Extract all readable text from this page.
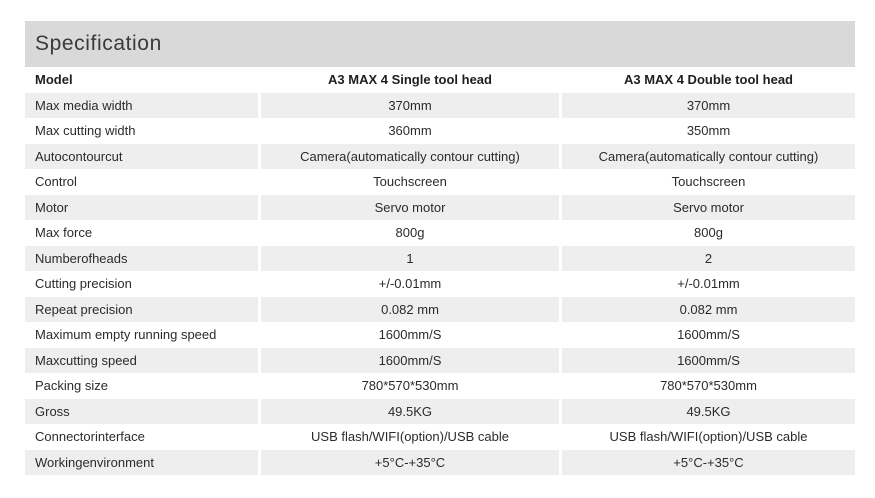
Specification
Model	A3 MAX 4 Single tool head	A3 MAX 4 Double tool head
Max media width	370mm	370mm
Max cutting width	360mm	350mm
Autocontourcut	Camera(automatically contour cutting)	Camera(automatically contour cutting)
Control	Touchscreen	Touchscreen
Motor	Servo motor	Servo motor
Max force	800g	800g
Numberofheads	1	2
Cutting precision	+/-0.01mm	+/-0.01mm
Repeat precision	0.082 mm	0.082 mm
Maximum empty running speed	1600mm/S	1600mm/S
Maxcutting speed	1600mm/S	1600mm/S
Packing size	780*570*530mm	780*570*530mm
Gross	49.5KG	49.5KG
Connectorinterface	USB flash/WIFI(option)/USB cable	USB flash/WIFI(option)/USB cable
Workingenvironment	+5°C-+35°C	+5°C-+35°C
